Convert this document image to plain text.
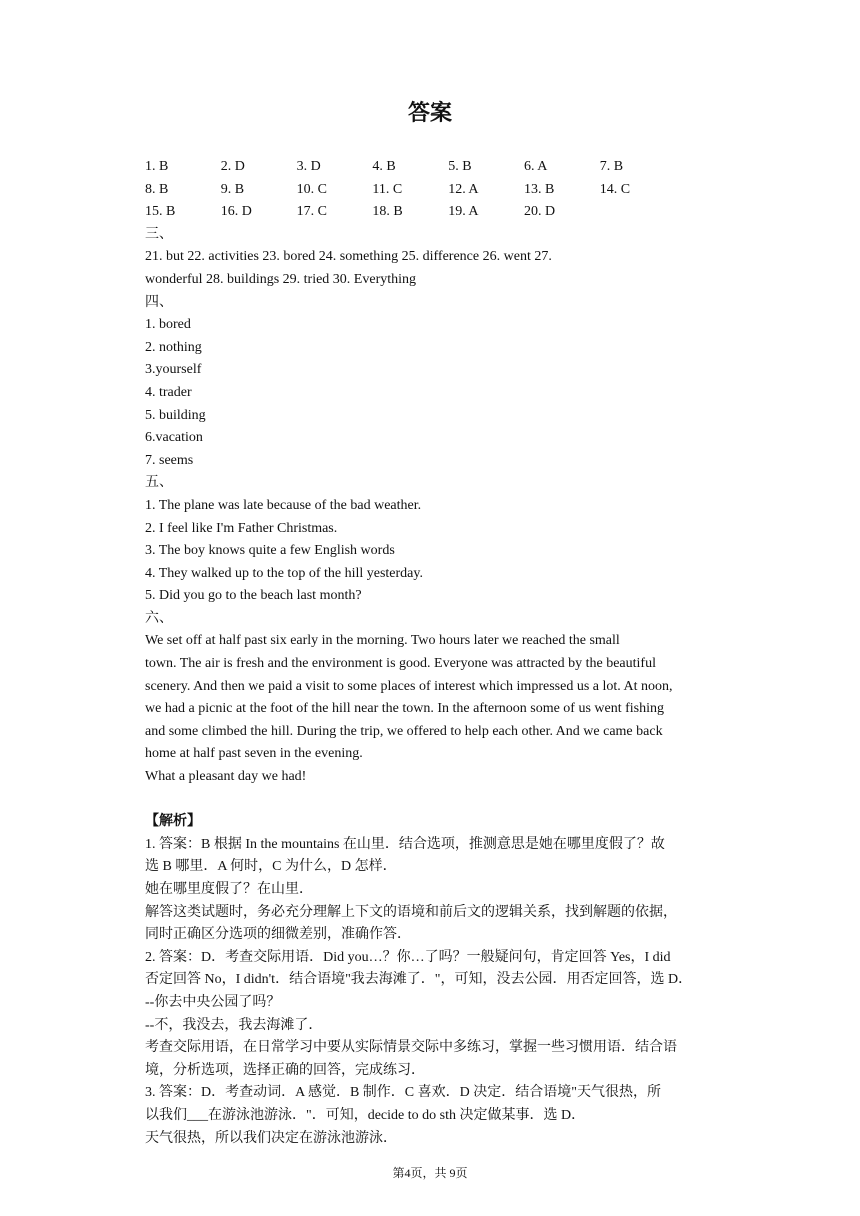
答案
1. B	2. D	3. D	4. B	5. B	6. A	7. B
8. B	9. B	10. C	11. C	12. A	13. B	14. C
15. B	16. D	17. C	18. B	19. A	20. D
三、
21. but 22. activities 23. bored 24. something 25. difference 26. went 27.
wonderful 28. buildings 29. tried 30. Everything
四、
1. bored
2. nothing
3.yourself
4. trader
5. building
6.vacation
7. seems
五、
1. The plane was late because of the bad weather.
2. I feel like I'm Father Christmas.
3. The boy knows quite a few English words
4. They walked up to the top of the hill yesterday.
5. Did you go to the beach last month?
六、
We set off at half past six early in the morning. Two hours later we reached the small
town. The air is fresh and the environment is good. Everyone was attracted by the beautiful
scenery. And then we paid a visit to some places of interest which impressed us a lot. At noon,
we had a picnic at the foot of the hill near the town. In the afternoon some of us went fishing
and some climbed the hill. During the trip, we offered to help each other. And we came back
home at half past seven in the evening.
What a pleasant day we had!
【解析】
1. 答案：B 根据 In the mountains 在山里．结合选项，推测意思是她在哪里度假了？故
选 B 哪里．A 何时，C 为什么，D 怎样．
她在哪里度假了？在山里．
解答这类试题时，务必充分理解上下文的语境和前后文的逻辑关系，找到解题的依据，
同时正确区分选项的细微差别，准确作答．
2. 答案：D．考查交际用语．Did you…？你…了吗？一般疑问句，肯定回答 Yes，I did
否定回答 No，I didn't．结合语境"我去海滩了．"，可知，没去公园．用否定回答，选 D．
--你去中央公园了吗？
--不，我没去，我去海滩了．
考查交际用语，在日常学习中要从实际情景交际中多练习，掌握一些习惯用语．结合语
境，分析选项，选择正确的回答，完成练习．
3. 答案：D．考查动词．A 感觉．B 制作．C 喜欢．D 决定．结合语境"天气很热，所
以我们___在游泳池游泳．"．可知，decide to do sth 决定做某事．选 D．
天气很热，所以我们决定在游泳池游泳．
第4页，共 9页
